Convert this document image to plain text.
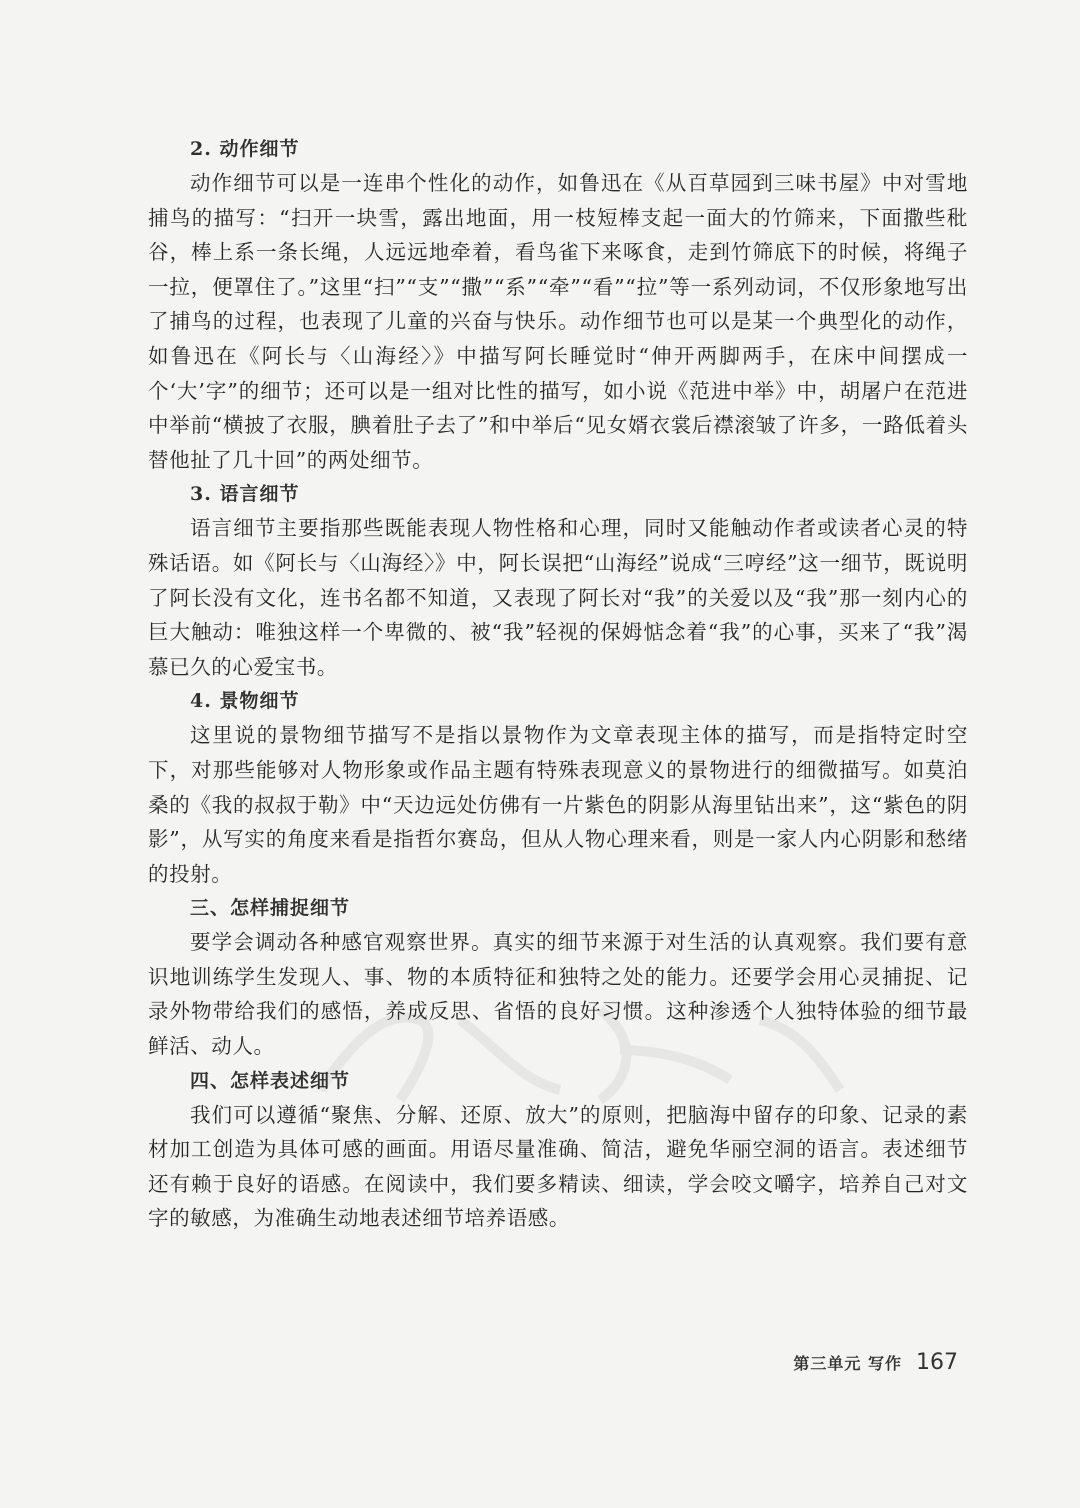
2. 动作细节

动作细节可以是一连串个性化的动作，如鲁迅在《从百草园到三味书屋》中对雪地捕鸟的描写：“扫开一块雪，露出地面，用一枝短棒支起一面大的竹筛来，下面撒些秕谷，棒上系一条长绳，人远远地牵着，看鸟雀下来啄食，走到竹筛底下的时候，将绳子一拉，便罩住了。”这里“扫”“支”“撒”“系”“牵”“看”“拉”等一系列动词，不仅形象地写出了捕鸟的过程，也表现了儿童的兴奋与快乐。动作细节也可以是某一个典型化的动作，如鲁迅在《阿长与〈山海经〉》中描写阿长睡觉时“伸开两脚两手，在床中间摆成一个‘大’字”的细节；还可以是一组对比性的描写，如小说《范进中举》中，胡屠户在范进中举前“横披了衣服，腆着肚子去了”和中举后“见女婿衣裳后襟滚皱了许多，一路低着头替他扯了几十回”的两处细节。

3. 语言细节

语言细节主要指那些既能表现人物性格和心理，同时又能触动作者或读者心灵的特殊话语。如《阿长与〈山海经〉》中，阿长误把“山海经”说成“三哼经”这一细节，既说明了阿长没有文化，连书名都不知道，又表现了阿长对“我”的关爱以及“我”那一刻内心的巨大触动：唯独这样一个卑微的、被“我”轻视的保姆惦念着“我”的心事，买来了“我”渴慕已久的心爱宝书。

4. 景物细节

这里说的景物细节描写不是指以景物作为文章表现主体的描写，而是指特定时空下，对那些能够对人物形象或作品主题有特殊表现意义的景物进行的细微描写。如莫泊桑的《我的叔叔于勒》中“天边远处仿佛有一片紫色的阴影从海里钻出来”，这“紫色的阴影”，从写实的角度来看是指哲尔赛岛，但从人物心理来看，则是一家人内心阴影和愁绪的投射。

三、怎样捕捉细节

要学会调动各种感官观察世界。真实的细节来源于对生活的认真观察。我们要有意识地训练学生发现人、事、物的本质特征和独特之处的能力。还要学会用心灵捕捉、记录外物带给我们的感悟，养成反思、省悟的良好习惯。这种渗透个人独特体验的细节最鲜活、动人。

四、怎样表述细节

我们可以遵循“聚焦、分解、还原、放大”的原则，把脑海中留存的印象、记录的素材加工创造为具体可感的画面。用语尽量准确、简洁，避免华丽空洞的语言。表述细节还有赖于良好的语感。在阅读中，我们要多精读、细读，学会咬文嚼字，培养自己对文字的敏感，为准确生动地表述细节培养语感。

第三单元 写作 167
